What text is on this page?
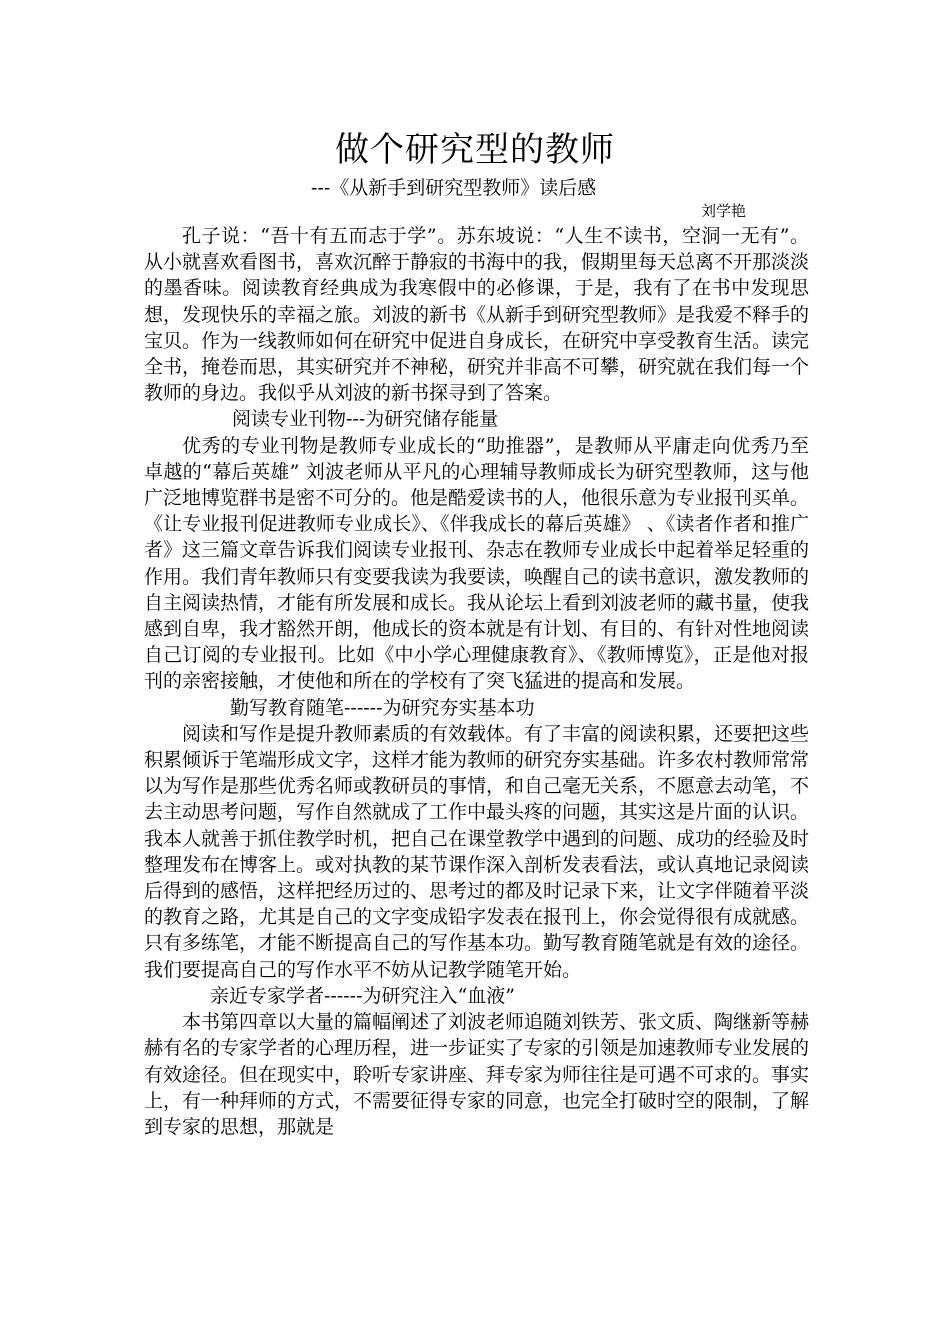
做个研究型的教师
---《从新手到研究型教师》读后感
刘学艳

孔子说：“吾十有五而志于学”。苏东坡说：“人生不读书，空洞一无有”。从小就喜欢看图书，喜欢沉醉于静寂的书海中的我，假期里每天总离不开那淡淡的墨香味。阅读教育经典成为我寒假中的必修课，于是，我有了在书中发现思想，发现快乐的幸福之旅。刘波的新书《从新手到研究型教师》是我爱不释手的宝贝。作为一线教师如何在研究中促进自身成长，在研究中享受教育生活。读完全书，掩卷而思，其实研究并不神秘，研究并非高不可攀，研究就在我们每一个教师的身边。我似乎从刘波的新书探寻到了答案。

阅读专业刊物---为研究储存能量

优秀的专业刊物是教师专业成长的“助推器”，是教师从平庸走向优秀乃至卓越的“幕后英雄” 刘波老师从平凡的心理辅导教师成长为研究型教师，这与他广泛地博览群书是密不可分的。他是酷爱读书的人，他很乐意为专业报刊买单。《让专业报刊促进教师专业成长》、《伴我成长的幕后英雄》 、《读者作者和推广者》这三篇文章告诉我们阅读专业报刊、杂志在教师专业成长中起着举足轻重的作用。我们青年教师只有变要我读为我要读，唤醒自己的读书意识，激发教师的自主阅读热情，才能有所发展和成长。我从论坛上看到刘波老师的藏书量，使我感到自卑，我才豁然开朗，他成长的资本就是有计划、有目的、有针对性地阅读自己订阅的专业报刊。比如《中小学心理健康教育》、《教师博览》，正是他对报刊的亲密接触，才使他和所在的学校有了突飞猛进的提高和发展。

勤写教育随笔------为研究夯实基本功

阅读和写作是提升教师素质的有效载体。有了丰富的阅读积累，还要把这些积累倾诉于笔端形成文字，这样才能为教师的研究夯实基础。许多农村教师常常以为写作是那些优秀名师或教研员的事情，和自己毫无关系，不愿意去动笔，不去主动思考问题，写作自然就成了工作中最头疼的问题，其实这是片面的认识。我本人就善于抓住教学时机，把自己在课堂教学中遇到的问题、成功的经验及时整理发布在博客上。或对执教的某节课作深入剖析发表看法，或认真地记录阅读后得到的感悟，这样把经历过的、思考过的都及时记录下来，让文字伴随着平淡的教育之路，尤其是自己的文字变成铅字发表在报刊上，你会觉得很有成就感。只有多练笔，才能不断提高自己的写作基本功。勤写教育随笔就是有效的途径。我们要提高自己的写作水平不妨从记教学随笔开始。

亲近专家学者------为研究注入“血液”

本书第四章以大量的篇幅阐述了刘波老师追随刘铁芳、张文质、陶继新等赫赫有名的专家学者的心理历程，进一步证实了专家的引领是加速教师专业发展的有效途径。但在现实中，聆听专家讲座、拜专家为师往往是可遇不可求的。事实上，有一种拜师的方式，不需要征得专家的同意，也完全打破时空的限制，了解到专家的思想，那就是
